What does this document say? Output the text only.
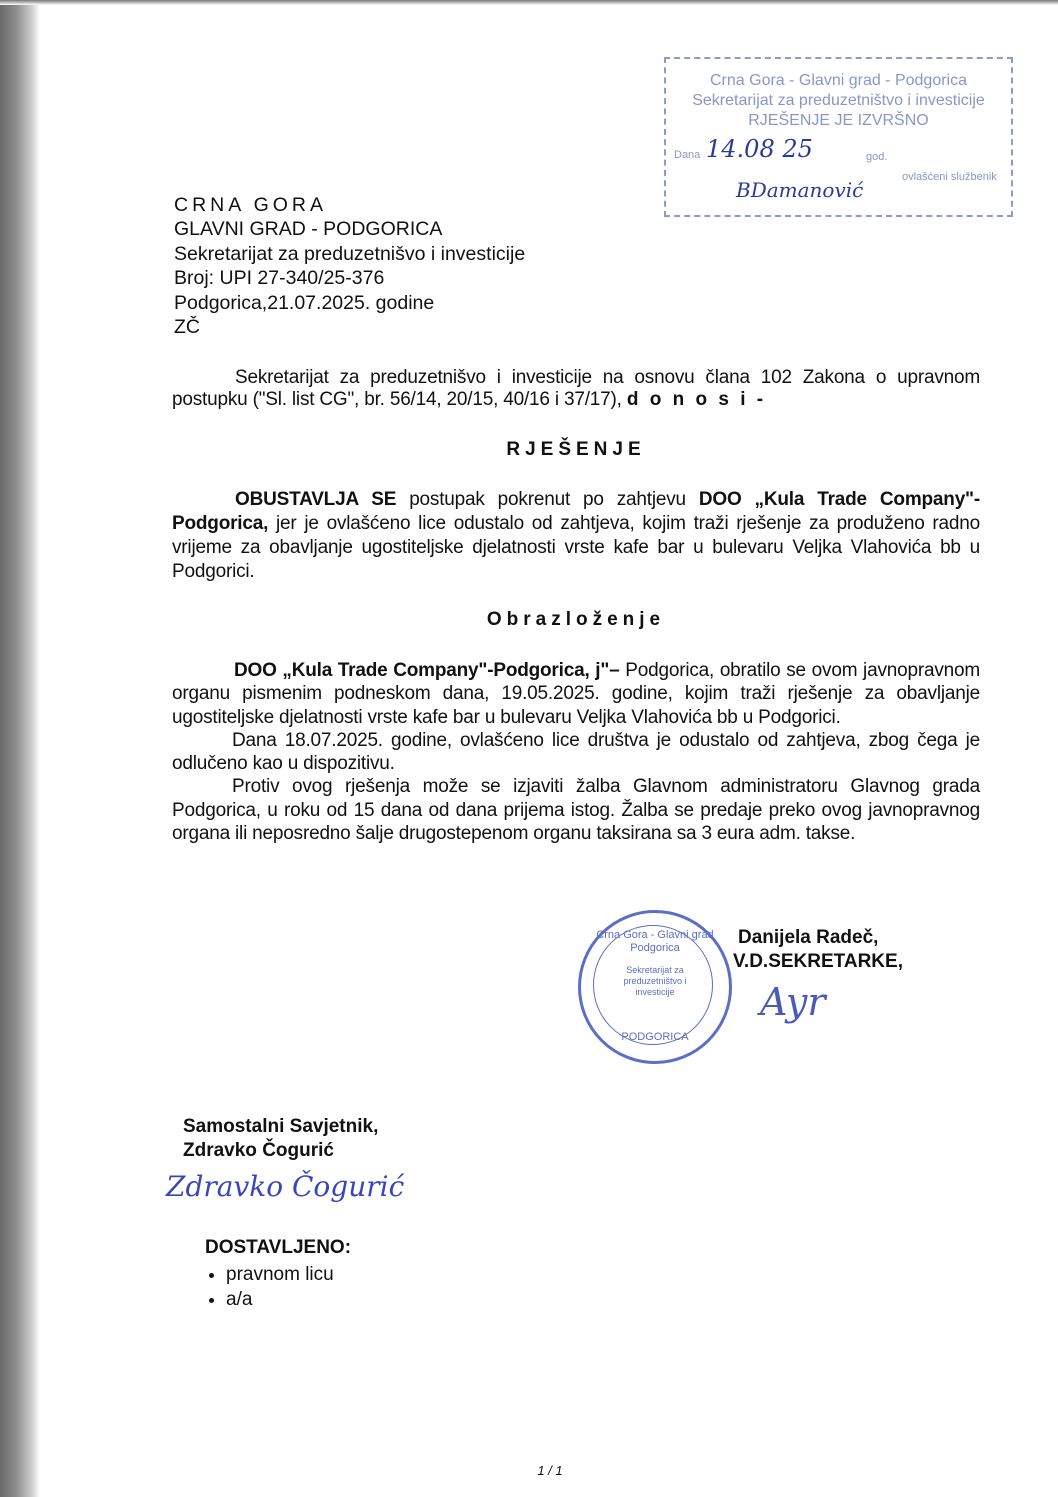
Crna Gora - Glavni grad - Podgorica
Sekretarijat za preduzetništvo i investicije
RJEŠENJE JE IZVRŠNO
Dana 14.08 25	god.
ovlašćeni službenik
BDamanović
CRNA GORA
GLAVNI GRAD - PODGORICA
Sekretarijat za preduzetnišvo i investicije
Broj: UPI 27-340/25-376
Podgorica,21.07.2025. godine
ZČ
Sekretarijat za preduzetnišvo i investicije na osnovu člana 102 Zakona o upravnom postupku ("Sl. list CG", br. 56/14, 20/15, 40/16 i 37/17), d o n o s i -
RJEŠENJE
OBUSTAVLJA SE postupak pokrenut po zahtjevu DOO „Kula Trade Company"-Podgorica, jer je ovlašćeno lice odustalo od zahtjeva, kojim traži rješenje za produženo radno vrijeme za obavljanje ugostiteljske djelatnosti vrste kafe bar u bulevaru Veljka Vlahovića bb u Podgorici.
Obrazloženje
DOO „Kula Trade Company"-Podgorica, j"– Podgorica, obratilo se ovom javnopravnom organu pismenim podneskom dana, 19.05.2025. godine, kojim traži rješenje za obavljanje ugostiteljske djelatnosti vrste kafe bar u bulevaru Veljka Vlahovića bb u Podgorici.
Dana 18.07.2025. godine, ovlašćeno lice društva je odustalo od zahtjeva, zbog čega je odlučeno kao u dispozitivu.
Protiv ovog rješenja može se izjaviti žalba Glavnom administratoru Glavnog grada Podgorica, u roku od 15 dana od dana prijema istog. Žalba se predaje preko ovog javnopravnog organa ili neposredno šalje drugostepenom organu taksirana sa 3 eura adm. takse.
Crna Gora - Glavni grad Podgorica
Sekretarijat za preduzetništvo i investicije
PODGORICA
Danijela Radeč,
V.D.SEKRETARKE,
Ayr
Samostalni Savjetnik,
Zdravko Čogurić
Zdravko Čogurić
DOSTAVLJENO:
• pravnom licu
• a/a
1 / 1
